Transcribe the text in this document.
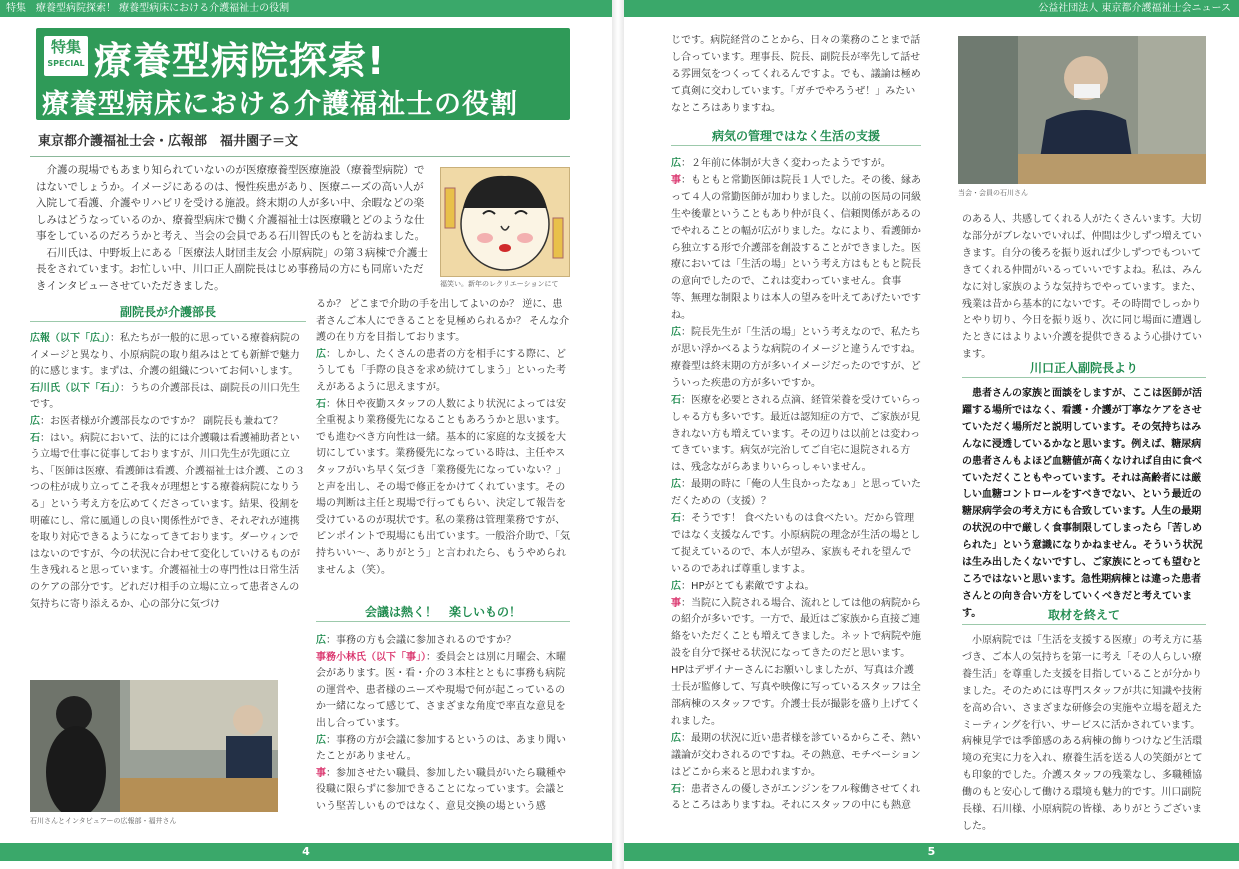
特集　療養型病院探索！ 療養型病床における介護福祉士の役割	公益社団法人 東京都介護福祉士会ニュース
特集
SPECIAL 療養型病院探索!
療養型病床における介護福祉士の役割
東京都介護福祉士会・広報部　福井園子＝文

介護の現場でもあまり知られていないのが医療療養型医療施設（療養型病院）ではないでしょうか。イメージにあるのは、慢性疾患があり、医療ニーズの高い人が入院して看護、介護やリハビリを受ける施設。終末期の人が多い中、余暇などの楽しみはどうなっているのか、療養型病床で働く介護福祉士は医療職とどのような仕事をしているのだろうかと考え、当会の会員である石川智氏のもとを訪ねました。

石川氏は、中野坂上にある「医療法人財団圭友会 小原病院」の第３病棟で介護士長をされています。お忙しい中、川口正人副院長はじめ事務局の方にも同席いただきインタビューさせていただきました。	福笑い。新年のレクリエーションにて
副院長が介護部長

広報（以下「広」）：私たちが一般的に思っている療養病院のイメージと異なり、小原病院の取り組みはとても新鮮で魅力的に感じます。まずは、介護の組織についてお伺いします。

石川氏（以下「石」）：うちの介護部長は、副院長の川口先生です。

広：お医者様が介護部長なのですか？ 副院長も兼ねて？

石：はい。病院において、法的には介護職は看護補助者という立場で仕事に従事しておりますが、川口先生が先頭に立ち、「医師は医療、看護師は看護、介護福祉士は介護、この３つの柱が成り立ってこそ我々が理想とする療養病院になりうる」という考え方を広めてくださっています。結果、役割を明確にし、常に風通しの良い関係性ができ、それぞれが連携を取り対応できるようになってきております。ダーウィンではないのですが、今の状況に合わせて変化していけるものが生き残れると思っています。介護福祉士の専門性は日常生活のケアの部分です。どれだけ相手の立場に立って患者さんの気持ちに寄り添えるか、心の部分に気づけ

石川さんとインタビュアーの広報部・福井さん

るか？ どこまで介助の手を出してよいのか？ 逆に、患者さんご本人にできることを見極められるか？ そんな介護の在り方を目指しております。

広：しかし、たくさんの患者の方を相手にする際に、どうしても「手際の良さを求め続けてしまう」といった考えがあるように思えますが。

石：休日や夜勤スタッフの人数により状況によっては安全重視より業務優先になることもあろうかと思います。でも進むべき方向性は一緒。基本的に家庭的な支援を大切にしています。業務優先になっている時は、主任やスタッフがいち早く気づき「業務優先になっていない？」と声を出し、その場で修正をかけてくれています。その場の判断は主任と現場で行ってもらい、決定して報告を受けているのが現状です。私の業務は管理業務ですが、ピンポイントで現場にも出ています。一般浴介助で、「気持ちいい～、ありがとう」と言われたら、もうやめられませんよ（笑）。

会議は熱く！　楽しいもの！

広：事務の方も会議に参加されるのですか？

事務小林氏（以下「事」）：委員会とは別に月曜会、木曜会があります。医・看・介の３本柱とともに事務も病院の運営や、患者様のニーズや現場で何が起こっているのか一緒になって感じて、さまざまな角度で率直な意見を出し合っています。

広：事務の方が会議に参加するというのは、あまり聞いたことがありません。

事：参加させたい職員、参加したい職員がいたら職種や役職に限らずに参加できることになっています。会議という堅苦しいものではなく、意見交換の場という感

じです。病院経営のことから、日々の業務のことまで話し合っています。理事長、院長、副院長が率先して話せる雰囲気をつくってくれるんですよ。でも、議論は極めて真剣に交わしています。「ガチでやろうぜ！」みたいなところはありますね。

病気の管理ではなく生活の支援

広：２年前に体制が大きく変わったようですが。

事：もともと常勤医師は院長１人でした。その後、縁あって４人の常勤医師が加わりました。以前の医局の同級生や後輩ということもあり仲が良く、信頼関係があるのでやれることの幅が広がりました。なにより、看護師から独立する形で介護部を創設することができました。医療においては「生活の場」という考え方はもともと院長の意向でしたので、これは変わっていません。食事等、無理な制限よりは本人の望みを叶えてあげたいですね。

広：院長先生が「生活の場」という考えなので、私たちが思い浮かべるような病院のイメージと違うんですね。療養型は終末期の方が多いイメージだったのですが、どういった疾患の方が多いですか。

石：医療を必要とされる点滴、経管栄養を受けていらっしゃる方も多いです。最近は認知症の方で、ご家族が見きれない方も増えています。その辺りは以前とは変わってきています。病気が完治してご自宅に退院される方は、残念ながらあまりいらっしゃいません。

広：最期の時に「俺の人生良かったなぁ」と思っていただくための（支援）？

石：そうです！ 食べたいものは食べたい。だから管理ではなく支援なんです。小原病院の理念が生活の場として捉えているので、本人が望み、家族もそれを望んでいるのであれば尊重しますよ。

広：HPがとても素敵ですよね。

事：当院に入院される場合、流れとしては他の病院からの紹介が多いです。一方で、最近はご家族から直接ご連絡をいただくことも増えてきました。ネットで病院や施設を自分で探せる状況になってきたのだと思います。HPはデザイナーさんにお願いしましたが、写真は介護士長が監修して、写真や映像に写っているスタッフは全部病棟のスタッフです。介護士長が撮影を盛り上げてくれました。

広：最期の状況に近い患者様を診ているからこそ、熱い議論が交わされるのですね。その熱意、モチベーションはどこから来ると思われますか。

石：患者さんの優しさがエンジンをフル稼働させてくれるところはありますね。それにスタッフの中にも熱意

当会・会員の石川さん

のある人、共感してくれる人がたくさんいます。大切な部分がブレないでいれば、仲間は少しずつ増えていきます。自分の後ろを振り返れば少しずつでもついてきてくれる仲間がいるっていいですよね。私は、みんなに対し家族のような気持ちでやっています。また、残業は昔から基本的にないです。その時間でしっかりとやり切り、今日を振り返り、次に同じ場面に遭遇したときにはよりよい介護を提供できるよう心掛けています。

川口正人副院長より
患者さんの家族と面談をしますが、ここは医師が活躍する場所ではなく、看護・介護が丁寧なケアをさせていただく場所だと説明しています。その気持ちはみんなに浸透しているかなと思います。例えば、糖尿病の患者さんもよほど血糖値が高くなければ自由に食べていただくこともやっています。それは高齢者には厳しい血糖コントロールをすべきでない、という最近の糖尿病学会の考え方にも合致しています。人生の最期の状況の中で厳しく食事制限してしまったら「苦しめられた」という意識になりかねません。そういう状況は生み出したくないですし、ご家族にとっても望むところではないと思います。急性期病棟とは違った患者さんとの向き合い方をしていくべきだと考えています。	取材を終えて
小原病院では「生活を支援する医療」の考え方に基づき、ご本人の気持ちを第一に考え「その人らしい療養生活」を尊重した支援を目指していることが分かりました。そのためには専門スタッフが共に知識や技術を高め合い、さまざまな研修会の実施や立場を超えたミーティングを行い、サービスに活かされています。病棟見学では季節感のある病棟の飾りつけなど生活環境の充実に力を入れ、療養生活を送る人の笑顔がとても印象的でした。介護スタッフの残業なし、多職種協働のもと安心して働ける環境も魅力的です。川口副院長様、石川様、小原病院の皆様、ありがとうございました。
4	5
